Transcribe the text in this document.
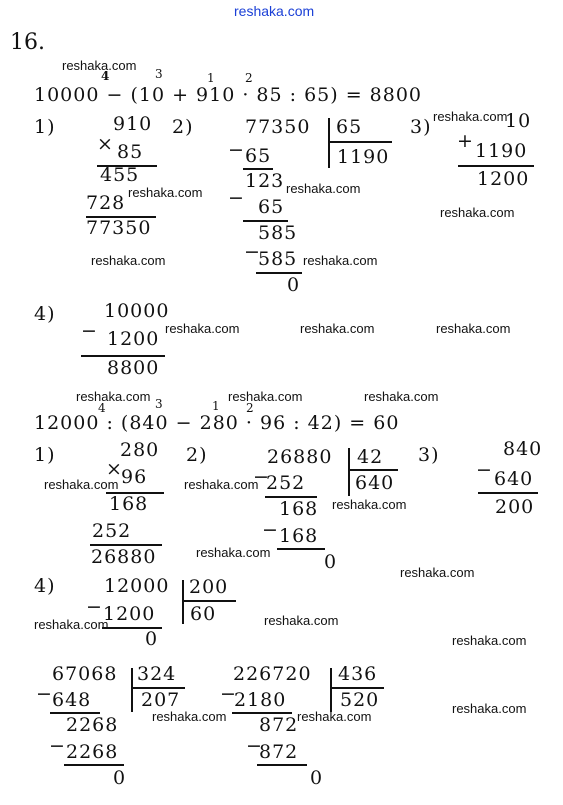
reshaka.com
16.
4	3	1	2
10000 − (10 + 910 · 85 : 65) = 8800
1)	2)	3)
910
× 85
455
728
77350
77350 65
1190
− 65
123
− 65
585
−
585
0
10
+ 1190
1200
4)	10000
− 1200
8800
4	3	1 2
12000 : (840 − 280 · 96 : 42) = 60
1)	2)	3)
280
×
96
168
252
26880
26880 42
640
−
252
168
− 168
0
840
− 640
200
4)	12000 200
60
− 1200
0
67068 324
207
− 648
2268
− 2268
0
226720 436
520
−
2180
872
−
872
0
reshaka.com
reshaka.com
reshaka.com	reshaka.com
reshaka.com
reshaka.com	reshaka.com
reshaka.com	reshaka.com	reshaka.com
reshaka.com	reshaka.com	reshaka.com
reshaka.com	reshaka.com
reshaka.com
reshaka.com
reshaka.com
reshaka.com	reshaka.com
reshaka.com
reshaka.com	reshaka.com
reshaka.com
